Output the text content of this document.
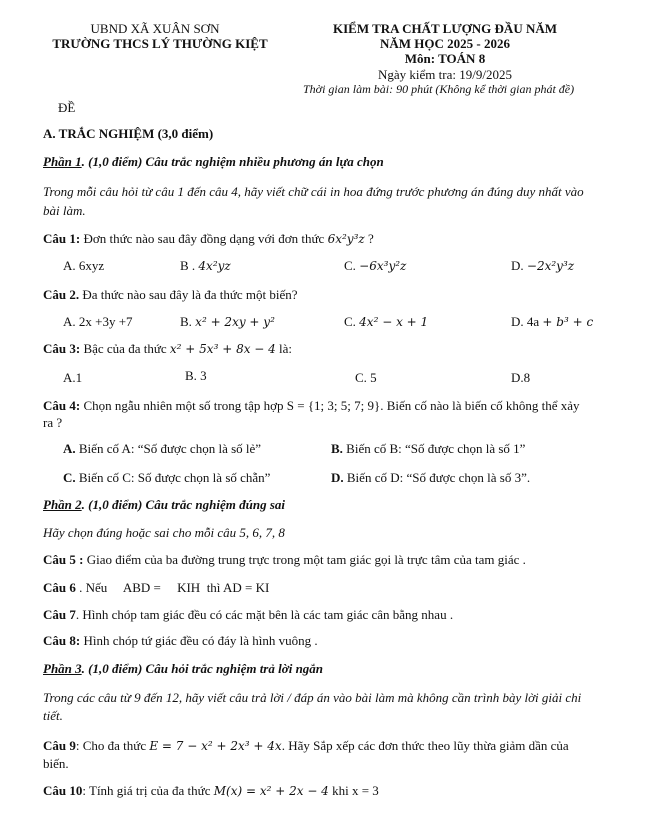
UBND XÃ XUÂN SƠN
TRƯỜNG THCS LÝ THƯỜNG KIỆT
KIỂM TRA CHẤT LƯỢNG ĐẦU NĂM
NĂM HỌC 2025 - 2026
Môn: TOÁN 8
Ngày kiểm tra: 19/9/2025
Thời gian làm bài: 90 phút (Không kể thời gian phát đề)
ĐỀ
A. TRẮC NGHIỆM (3,0 điểm)
Phần 1. (1,0 điểm) Câu trắc nghiệm nhiều phương án lựa chọn
Trong mỗi câu hỏi từ câu 1 đến câu 4, hãy viết chữ cái in hoa đứng trước phương án đúng duy nhất vào bài làm.
Câu 1: Đơn thức nào sau đây đồng dạng với đơn thức 6x²y³z ?
A. 6xyz	B . 4x²yz	C. −6x³y²z	D. −2x²y³z
Câu 2. Đa thức nào sau đây là đa thức một biến?
A. 2x +3y +7	B. x² + 2xy + y²	C. 4x² − x + 1	D. 4a + b³ + c
Câu 3: Bậc của đa thức x² + 5x³ + 8x − 4 là:
A.1	B. 3	C. 5	D.8
Câu 4: Chọn ngẫu nhiên một số trong tập hợp S = {1; 3; 5; 7; 9}. Biến cố nào là biến cố không thể xảy ra ?
A. Biến cố A: “Số được chọn là số lẻ”	B. Biến cố B: “Số được chọn là số 1”
C. Biến cố C: Số được chọn là số chẵn”	D. Biến cố D: “Số được chọn là số 3”.
Phần 2. (1,0 điểm) Câu trắc nghiệm đúng sai
Hãy chọn đúng hoặc sai cho mỗi câu 5, 6, 7, 8
Câu 5 : Giao điểm của ba đường trung trực trong một tam giác gọi là trực tâm của tam giác .
Câu 6 . Nếu     ABD =     KIH  thì AD = KI
Câu 7. Hình chóp tam giác đều có các mặt bên là các tam giác cân bằng nhau .
Câu 8: Hình chóp tứ giác đều có đáy là hình vuông .
Phần 3. (1,0 điểm) Câu hỏi trắc nghiệm trả lời ngắn
Trong các câu từ 9 đến 12, hãy viết câu trả lời / đáp án vào bài làm mà không cần trình bày lời giải chi tiết.
Câu 9: Cho đa thức E = 7 − x² + 2x³ + 4x. Hãy Sắp xếp các đơn thức theo lũy thừa giảm dần của biến.
Câu 10: Tính giá trị của đa thức M(x) = x² + 2x − 4 khi x = 3
